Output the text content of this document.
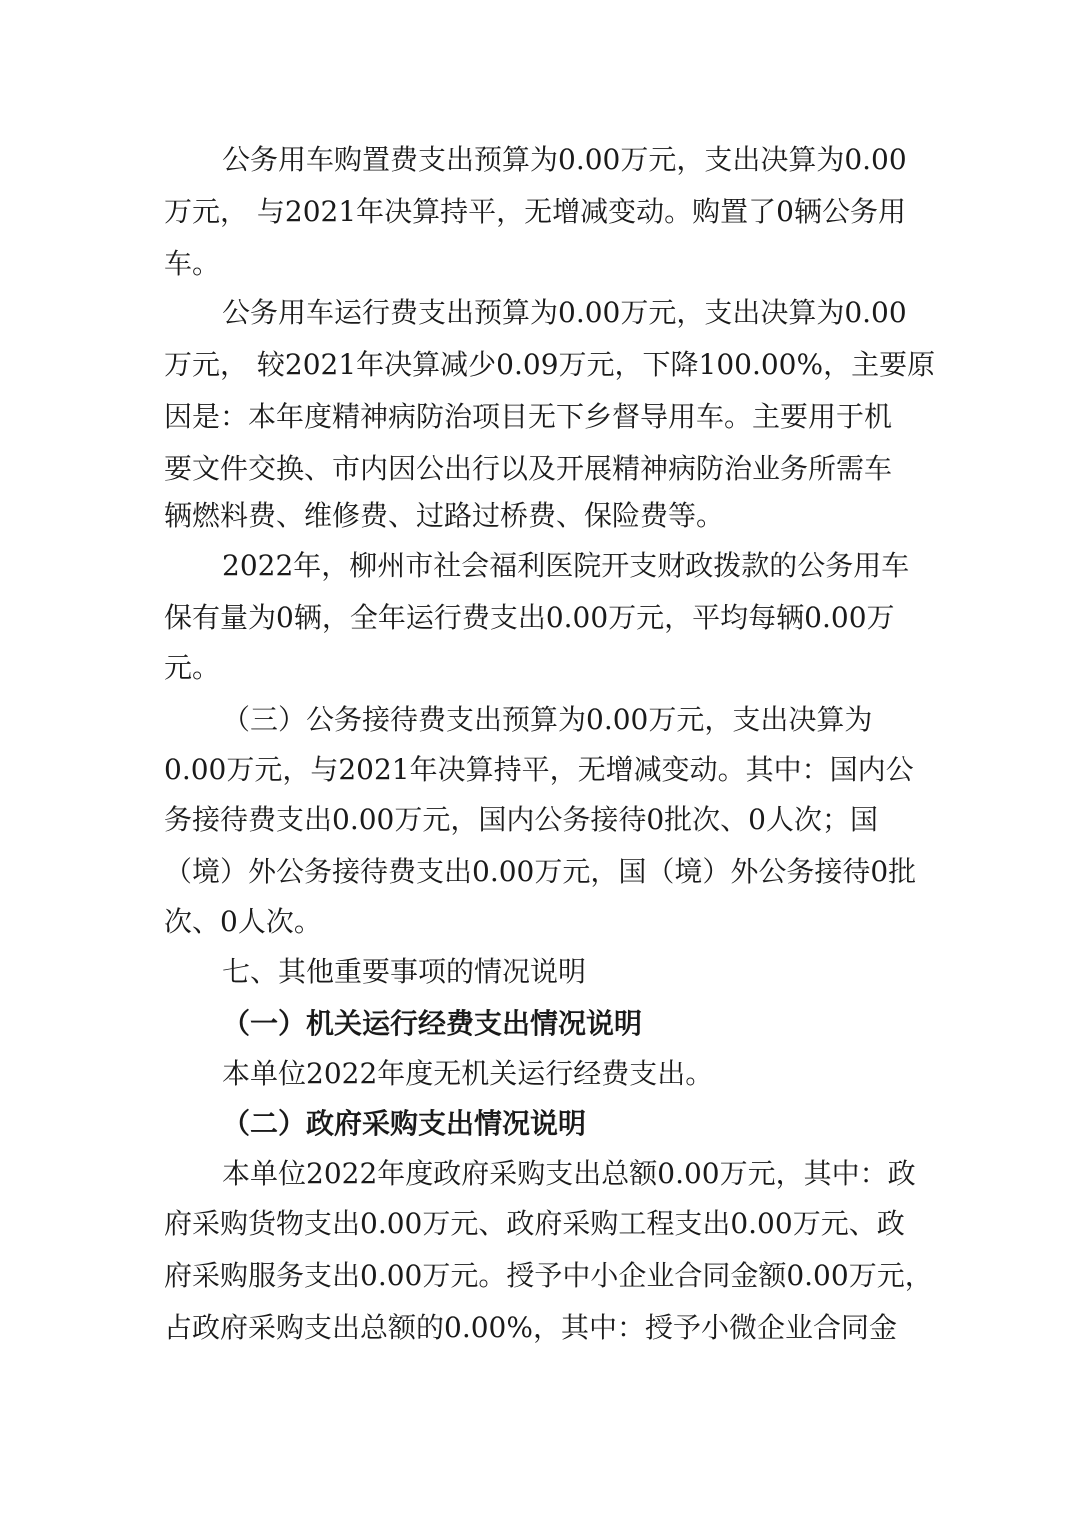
公务用车购置费支出预算为0.00万元，支出决算为0.00
万元， 与2021年决算持平，无增减变动。购置了0辆公务用
车。
公务用车运行费支出预算为0.00万元，支出决算为0.00
万元， 较2021年决算减少0.09万元，下降100.00%，主要原
因是：本年度精神病防治项目无下乡督导用车。主要用于机
要文件交换、市内因公出行以及开展精神病防治业务所需车
辆燃料费、维修费、过路过桥费、保险费等。
2022年，柳州市社会福利医院开支财政拨款的公务用车
保有量为0辆，全年运行费支出0.00万元，平均每辆0.00万
元。
（三）公务接待费支出预算为0.00万元，支出决算为
0.00万元，与2021年决算持平，无增减变动。其中：国内公
务接待费支出0.00万元，国内公务接待0批次、0人次；国
（境）外公务接待费支出0.00万元，国（境）外公务接待0批
次、0人次。
七、其他重要事项的情况说明
（一）机关运行经费支出情况说明
本单位2022年度无机关运行经费支出。
（二）政府采购支出情况说明
本单位2022年度政府采购支出总额0.00万元，其中：政
府采购货物支出0.00万元、政府采购工程支出0.00万元、政
府采购服务支出0.00万元。授予中小企业合同金额0.00万元，
占政府采购支出总额的0.00%，其中：授予小微企业合同金
